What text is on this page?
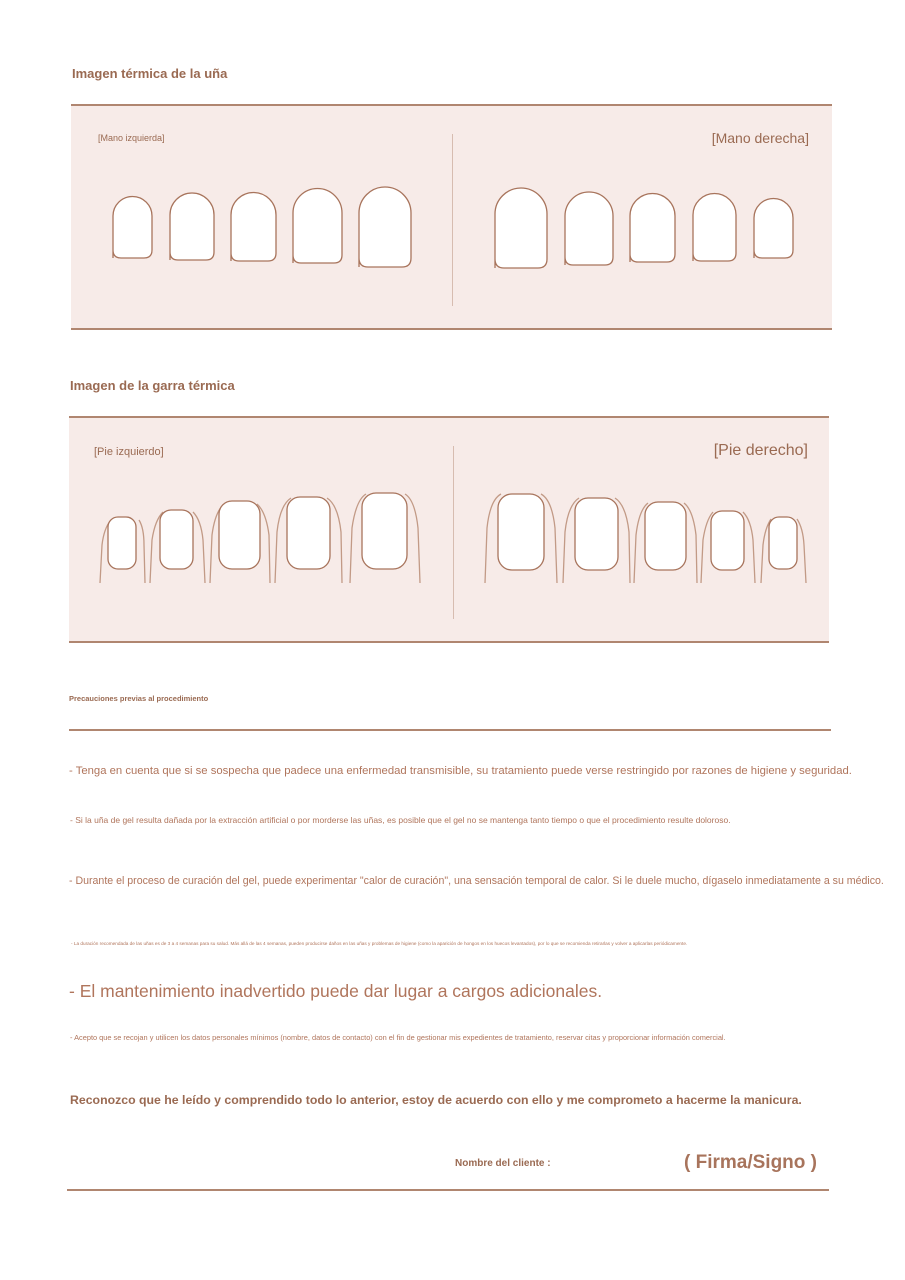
Imagen térmica de la uña
[Mano izquierda]	[Mano derecha]
Imagen de la garra térmica
[Pie izquierdo]	[Pie derecho]
Precauciones previas al procedimiento
- Tenga en cuenta que si se sospecha que padece una enfermedad transmisible, su tratamiento puede verse restringido por razones de higiene y seguridad.
- Si la uña de gel resulta dañada por la extracción artificial o por morderse las uñas, es posible que el gel no se mantenga tanto tiempo o que el procedimiento resulte doloroso.
- Durante el proceso de curación del gel, puede experimentar "calor de curación", una sensación temporal de calor. Si le duele mucho, dígaselo inmediatamente a su médico.
- La duración recomendada de las uñas es de 3 a 4 semanas para su salud. Más allá de las 4 semanas, pueden producirse daños en las uñas y problemas de higiene (como la aparición de hongos en los huecos levantados), por lo que se recomienda retirarlas y volver a aplicarlas periódicamente.
- El mantenimiento inadvertido puede dar lugar a cargos adicionales.
- Acepto que se recojan y utilicen los datos personales mínimos (nombre, datos de contacto) con el fin de gestionar mis expedientes de tratamiento, reservar citas y proporcionar información comercial.
Reconozco que he leído y comprendido todo lo anterior, estoy de acuerdo con ello y me comprometo a hacerme la manicura.
Nombre del cliente :	( Firma/Signo )
